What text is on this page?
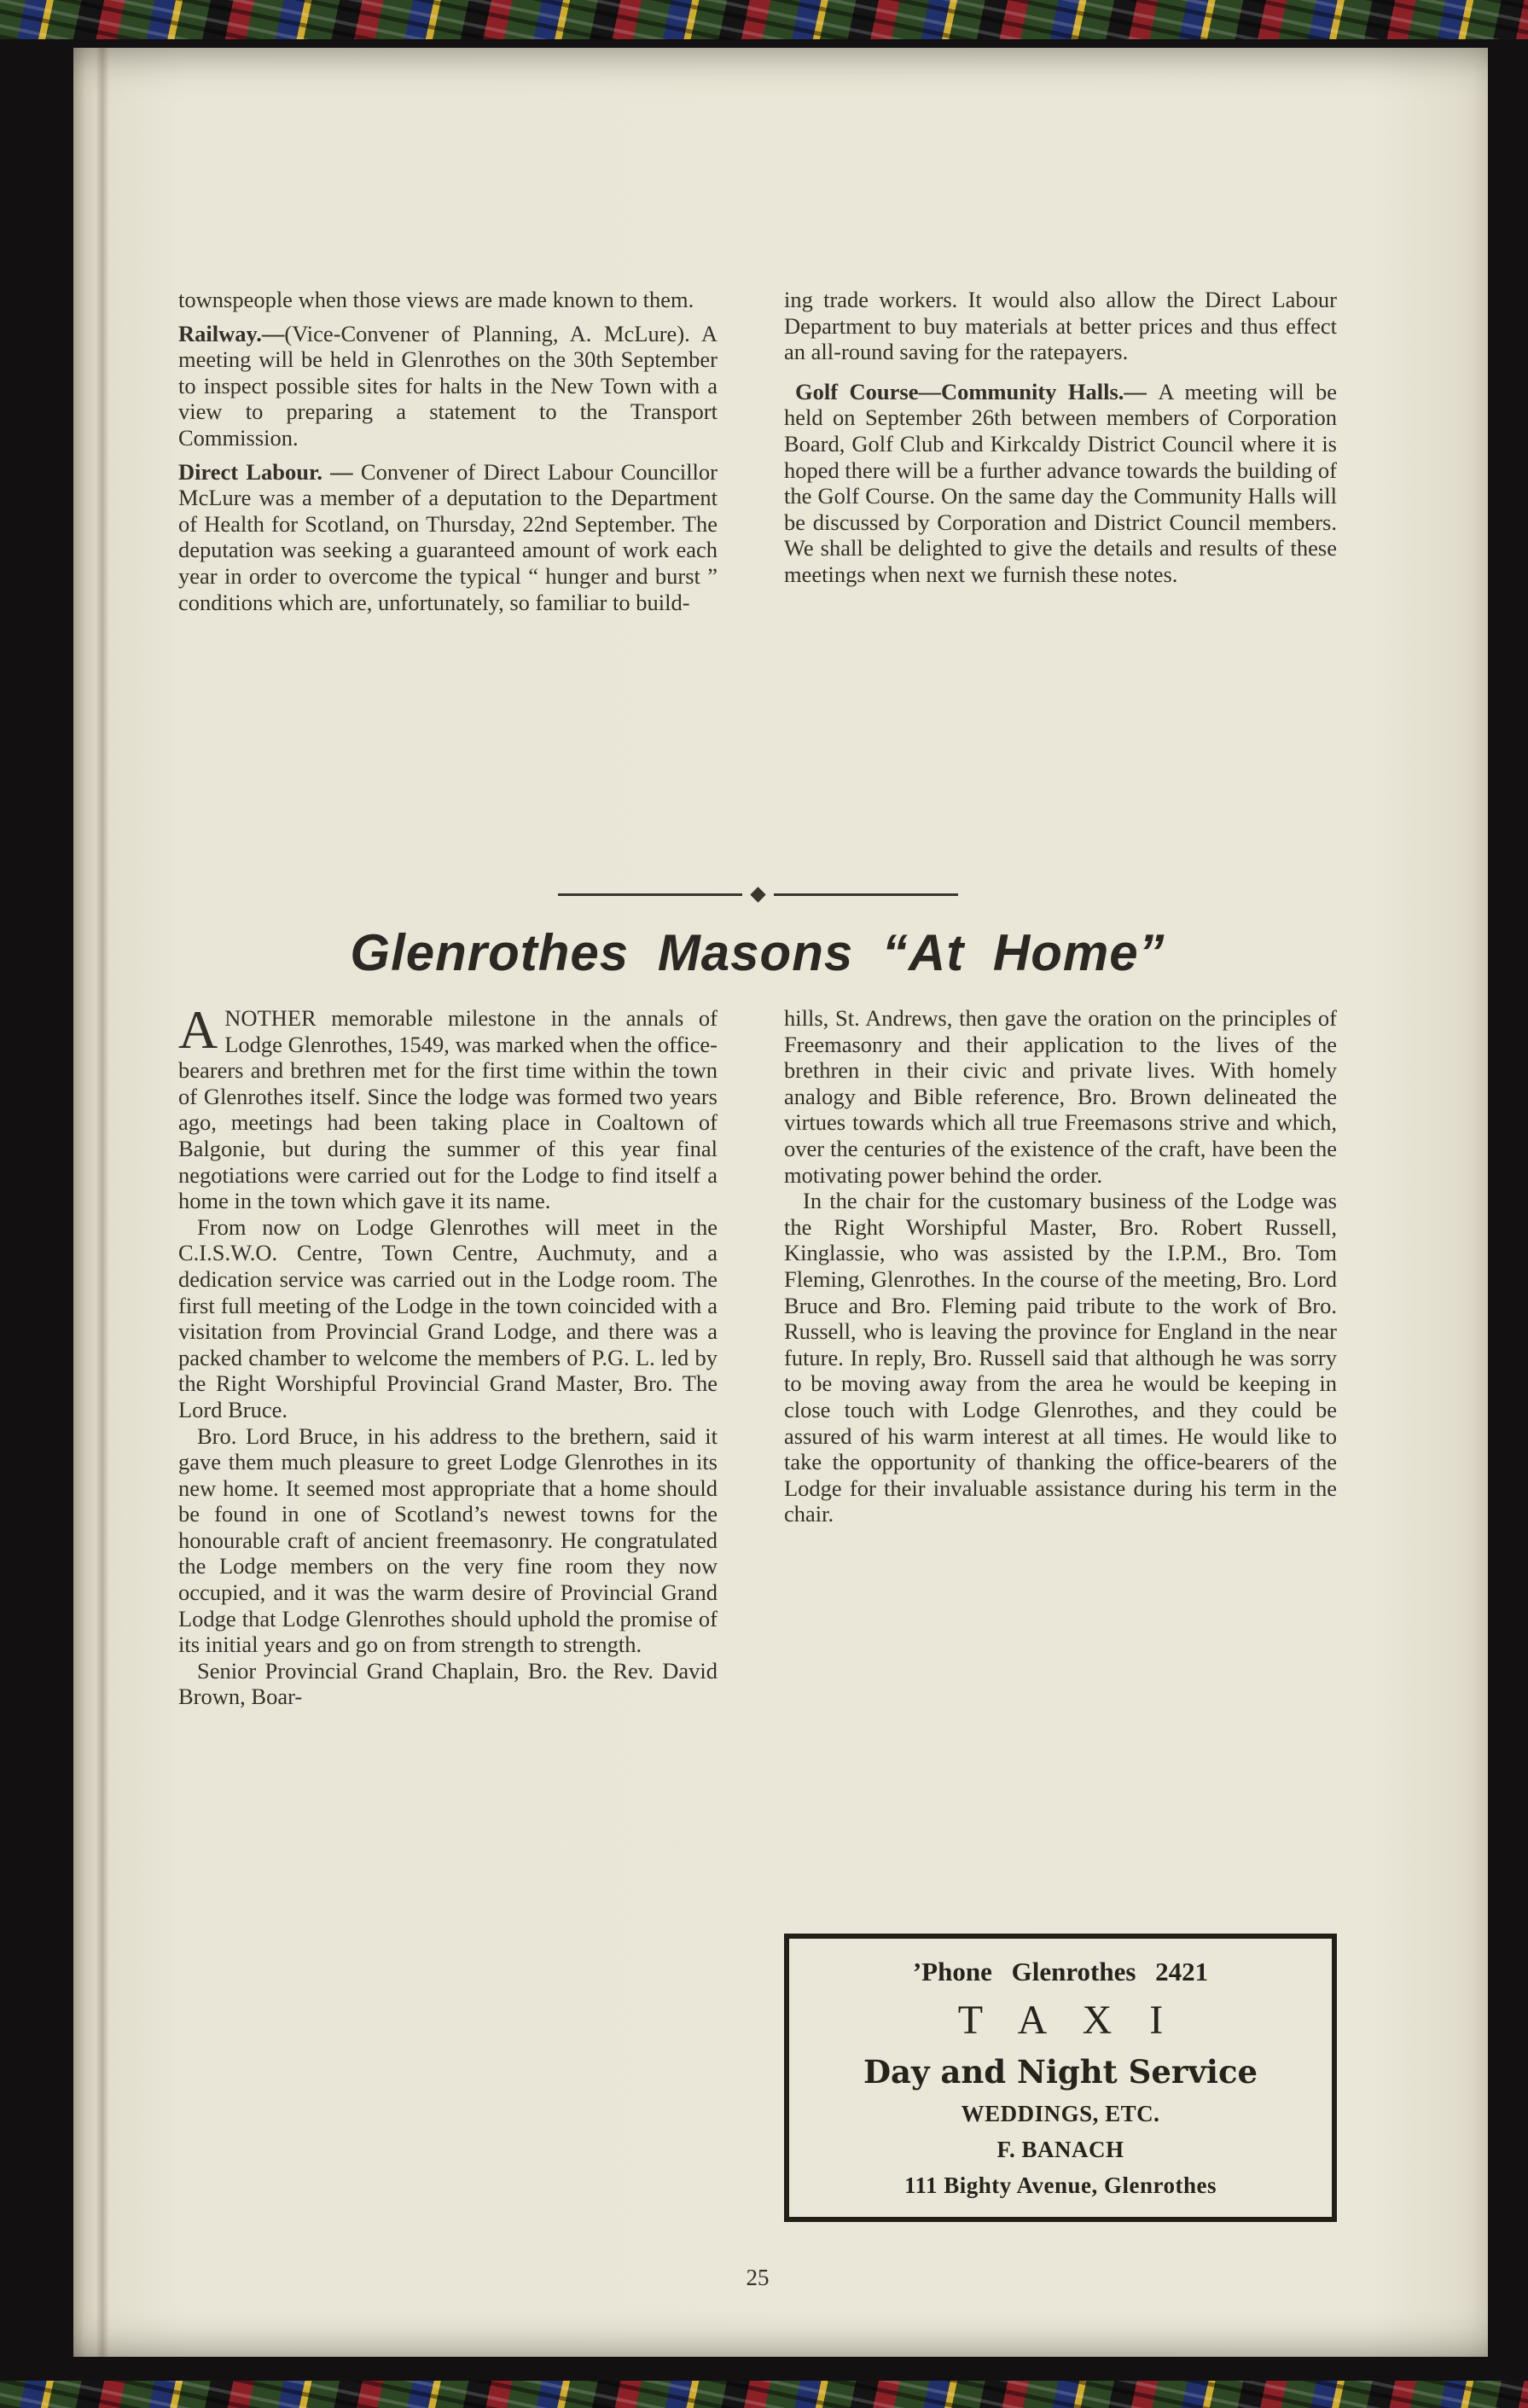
townspeople when those views are made known to them.

Railway.—(Vice-Convener of Planning, A. McLure). A meeting will be held in Glenrothes on the 30th September to inspect possible sites for halts in the New Town with a view to preparing a statement to the Transport Commission.

Direct Labour. — Convener of Direct Labour Councillor McLure was a member of a deputation to the Department of Health for Scotland, on Thursday, 22nd September. The deputation was seeking a guaranteed amount of work each year in order to overcome the typical “ hunger and burst ” conditions which are, unfortunately, so familiar to build-

ing trade workers. It would also allow the Direct Labour Department to buy materials at better prices and thus effect an all-round saving for the ratepayers.

Golf Course—Community Halls.— A meeting will be held on September 26th between members of Corporation Board, Golf Club and Kirkcaldy District Council where it is hoped there will be a further advance towards the building of the Golf Course. On the same day the Community Halls will be discussed by Corporation and District Council members. We shall be delighted to give the details and results of these meetings when next we furnish these notes.

Glenrothes Masons “At Home”

ANOTHER memorable milestone in the annals of Lodge Glenrothes, 1549, was marked when the office-bearers and brethren met for the first time within the town of Glenrothes itself. Since the lodge was formed two years ago, meetings had been taking place in Coaltown of Balgonie, but during the summer of this year final negotiations were carried out for the Lodge to find itself a home in the town which gave it its name.

From now on Lodge Glenrothes will meet in the C.I.S.W.O. Centre, Town Centre, Auchmuty, and a dedication service was carried out in the Lodge room. The first full meeting of the Lodge in the town coincided with a visitation from Provincial Grand Lodge, and there was a packed chamber to welcome the members of P.G. L. led by the Right Worshipful Provincial Grand Master, Bro. The Lord Bruce.

Bro. Lord Bruce, in his address to the brethern, said it gave them much pleasure to greet Lodge Glenrothes in its new home. It seemed most appropriate that a home should be found in one of Scotland’s newest towns for the honourable craft of ancient freemasonry. He congratulated the Lodge members on the very fine room they now occupied, and it was the warm desire of Provincial Grand Lodge that Lodge Glenrothes should uphold the promise of its initial years and go on from strength to strength.

Senior Provincial Grand Chaplain, Bro. the Rev. David Brown, Boar-

hills, St. Andrews, then gave the oration on the principles of Freemasonry and their application to the lives of the brethren in their civic and private lives. With homely analogy and Bible reference, Bro. Brown delineated the virtues towards which all true Freemasons strive and which, over the centuries of the existence of the craft, have been the motivating power behind the order.

In the chair for the customary business of the Lodge was the Right Worshipful Master, Bro. Robert Russell, Kinglassie, who was assisted by the I.P.M., Bro. Tom Fleming, Glenrothes. In the course of the meeting, Bro. Lord Bruce and Bro. Fleming paid tribute to the work of Bro. Russell, who is leaving the province for England in the near future. In reply, Bro. Russell said that although he was sorry to be moving away from the area he would be keeping in close touch with Lodge Glenrothes, and they could be assured of his warm interest at all times. He would like to take the opportunity of thanking the office-bearers of the Lodge for their invaluable assistance during his term in the chair.

’Phone Glenrothes 2421
T A X I
Day and Night Service
WEDDINGS, ETC.
F. BANACH
111 Bighty Avenue, Glenrothes
25
